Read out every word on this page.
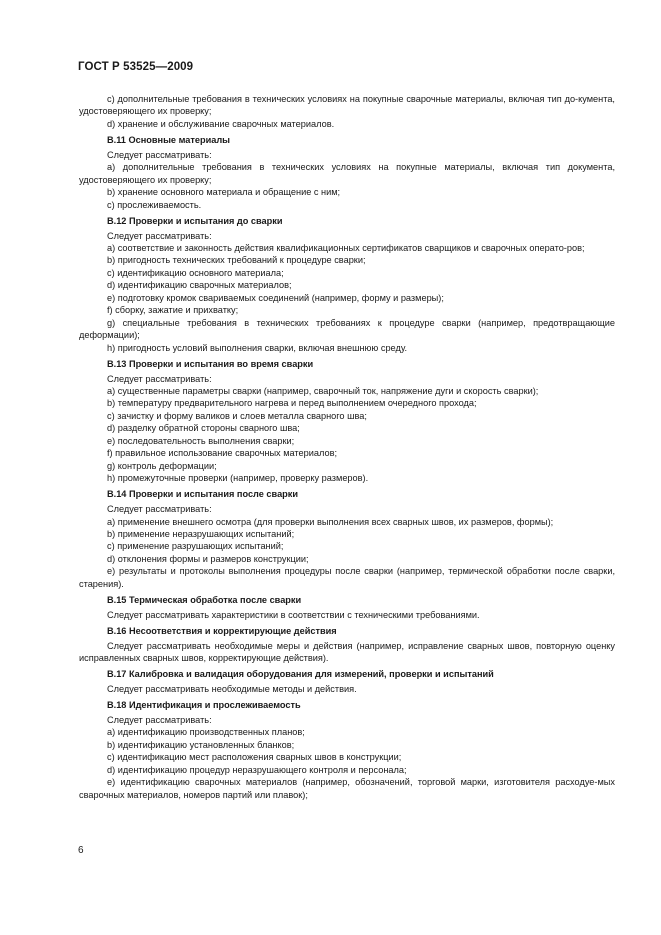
ГОСТ Р 53525—2009
c) дополнительные требования в технических условиях на покупные сварочные материалы, включая тип до-кумента, удостоверяющего их проверку;
d) хранение и обслуживание сварочных материалов.
В.11 Основные материалы
Следует рассматривать:
a) дополнительные требования в технических условиях на покупные материалы, включая тип документа, удостоверяющего их проверку;
b) хранение основного материала и обращение с ним;
c) прослеживаемость.
В.12 Проверки и испытания до сварки
Следует рассматривать:
a) соответствие и законность действия квалификационных сертификатов сварщиков и сварочных операто-ров;
b) пригодность технических требований к процедуре сварки;
c) идентификацию основного материала;
d) идентификацию сварочных материалов;
e) подготовку кромок свариваемых соединений (например, форму и размеры);
f) сборку, зажатие и прихватку;
g) специальные требования в технических требованиях к процедуре сварки (например, предотвращающие деформации);
h) пригодность условий выполнения сварки, включая внешнюю среду.
В.13 Проверки и испытания во время сварки
Следует рассматривать:
a) существенные параметры сварки (например, сварочный ток, напряжение дуги и скорость сварки);
b) температуру предварительного нагрева и перед выполнением очередного прохода;
c) зачистку и форму валиков и слоев металла сварного шва;
d) разделку обратной стороны сварного шва;
e) последовательность выполнения сварки;
f) правильное использование сварочных материалов;
g) контроль деформации;
h) промежуточные проверки (например, проверку размеров).
В.14 Проверки и испытания после сварки
Следует рассматривать:
a) применение внешнего осмотра (для проверки выполнения всех сварных швов, их размеров, формы);
b) применение неразрушающих испытаний;
c) применение разрушающих испытаний;
d) отклонения формы и размеров конструкции;
e) результаты и протоколы выполнения процедуры после сварки (например, термической обработки после сварки, старения).
В.15 Термическая обработка после сварки
Следует рассматривать характеристики в соответствии с техническими требованиями.
В.16 Несоответствия и корректирующие действия
Следует рассматривать необходимые меры и действия (например, исправление сварных швов, повторную оценку исправленных сварных швов, корректирующие действия).
В.17 Калибровка и валидация оборудования для измерений, проверки и испытаний
Следует рассматривать необходимые методы и действия.
В.18 Идентификация и прослеживаемость
Следует рассматривать:
a) идентификацию производственных планов;
b) идентификацию установленных бланков;
c) идентификацию мест расположения сварных швов в конструкции;
d) идентификацию процедур неразрушающего контроля и персонала;
e) идентификацию сварочных материалов (например, обозначений, торговой марки, изготовителя расходуе-мых сварочных материалов, номеров партий или плавок);
6
